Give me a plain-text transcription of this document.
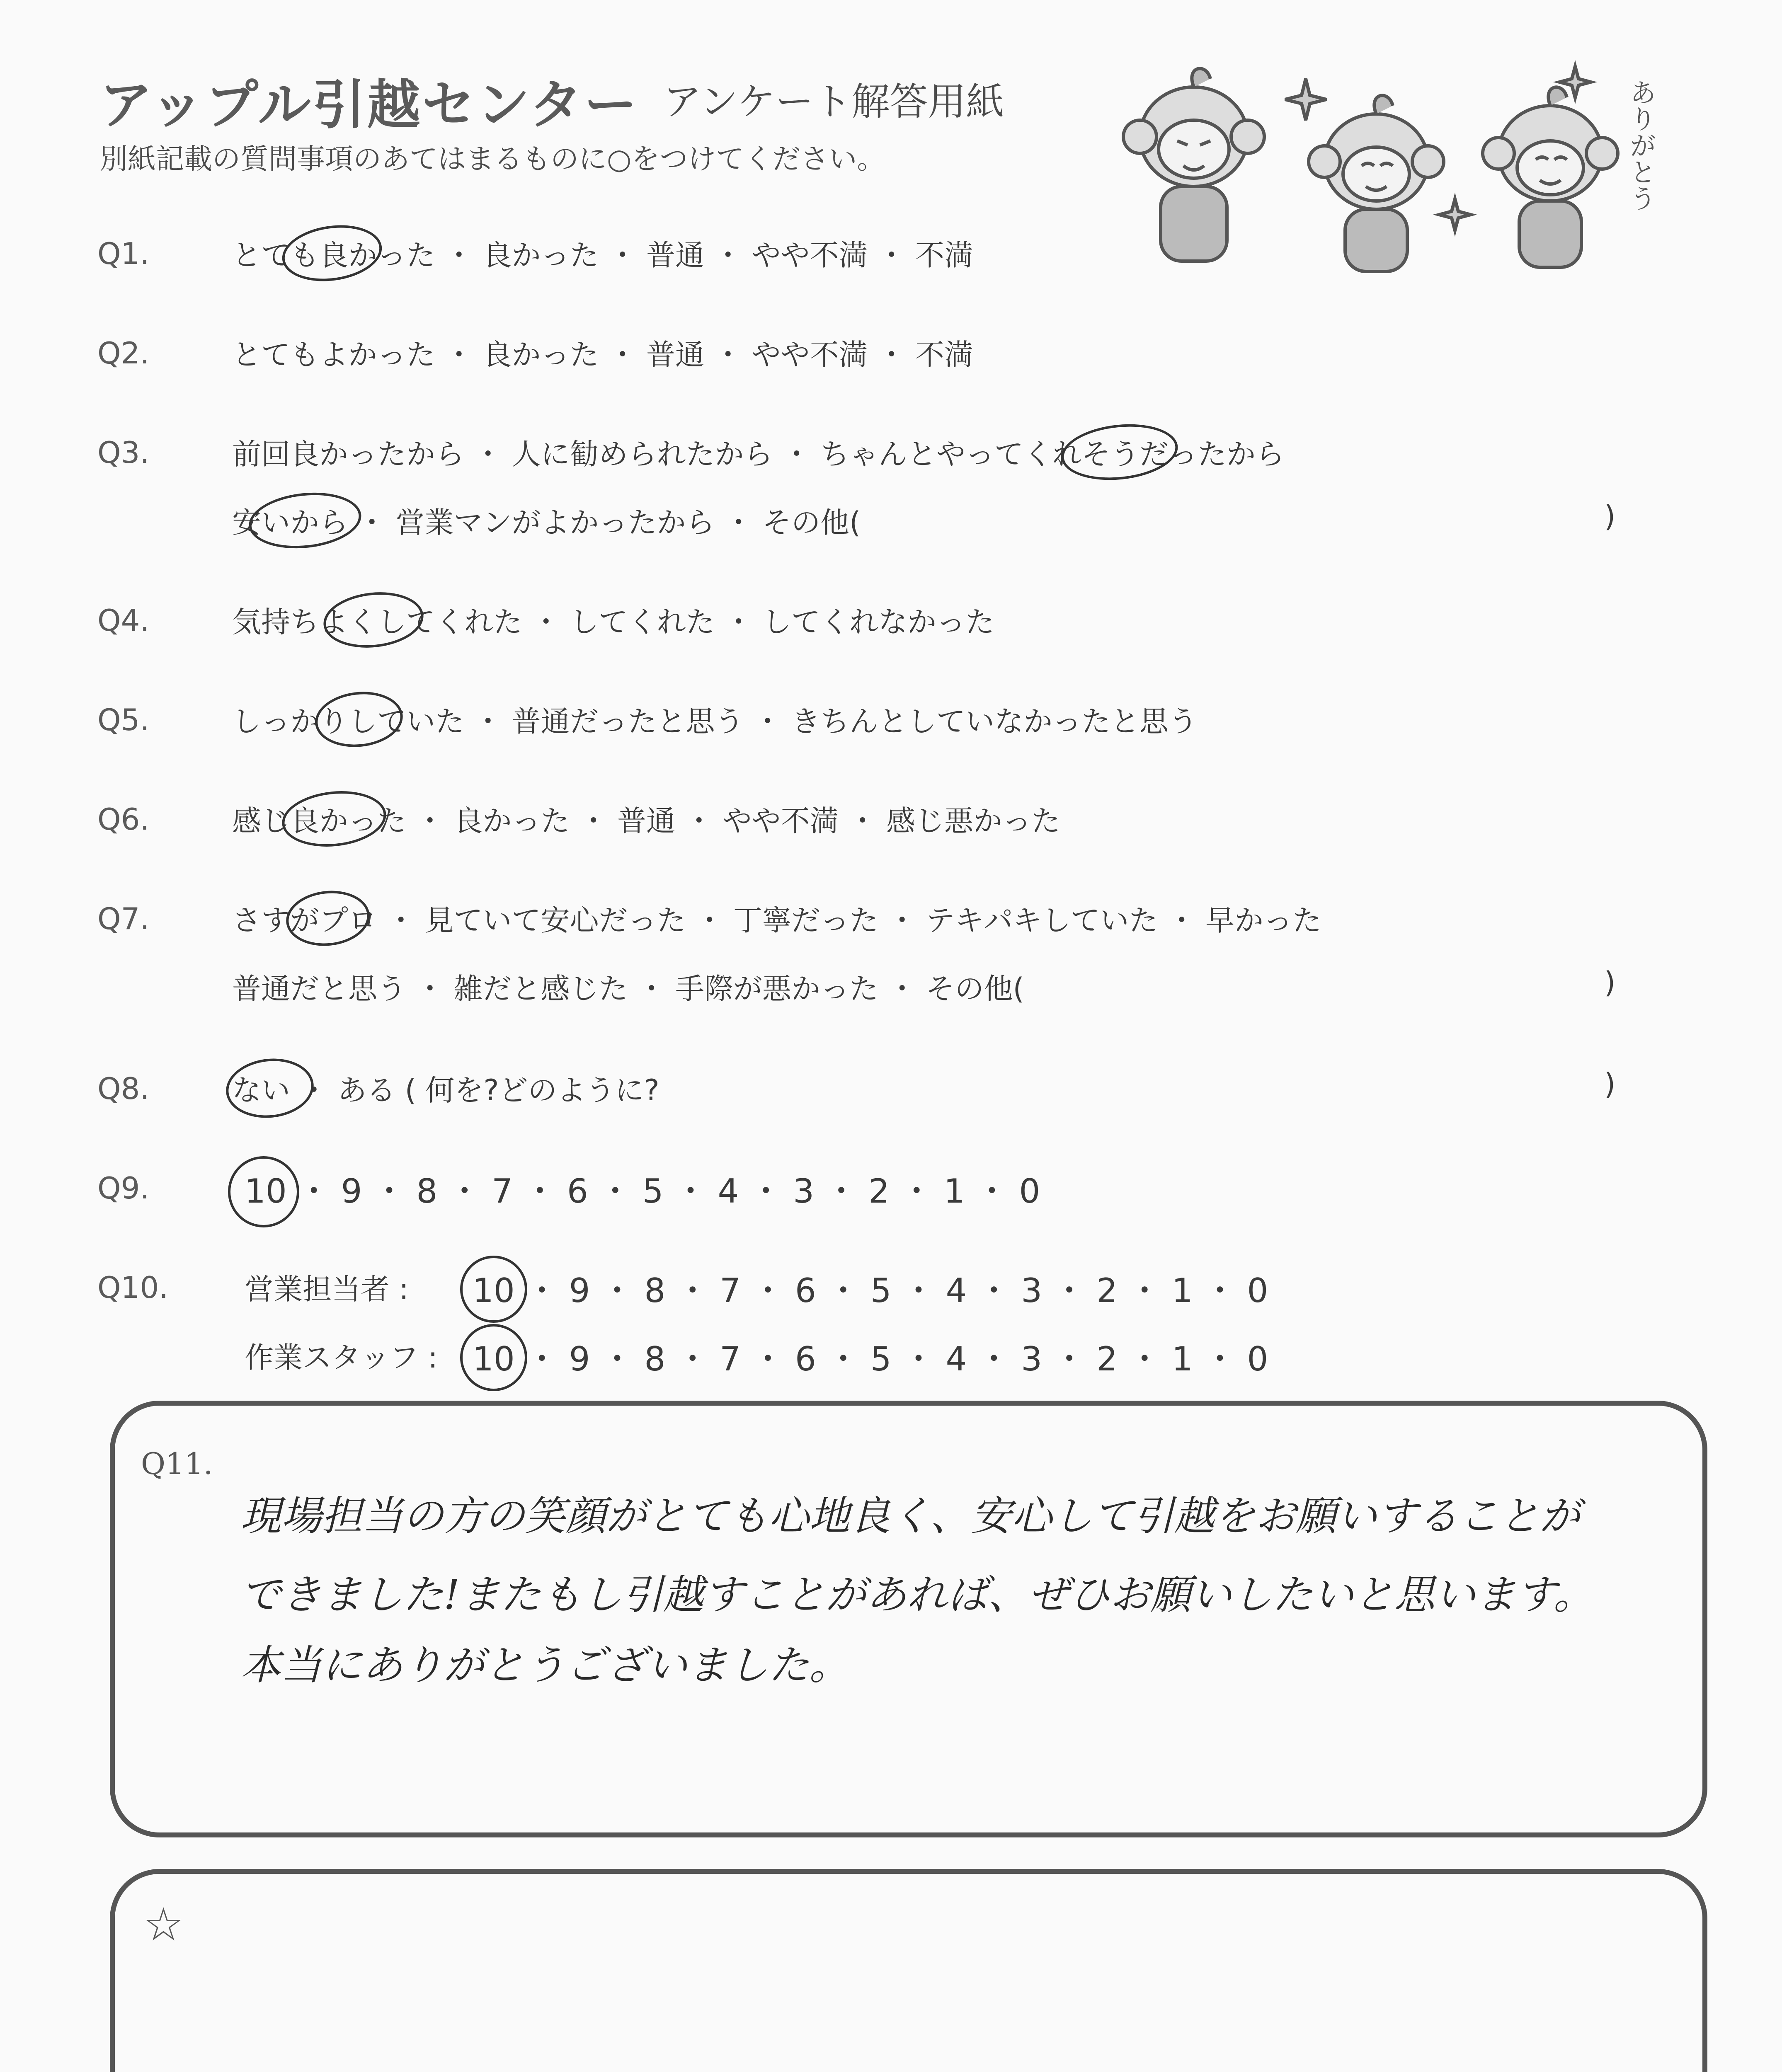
アップル引越センター アンケート解答用紙
別紙記載の質問事項のあてはまるものに○をつけてください。	ありがとう
Q1.	とても良かった ・ 良かった ・ 普通 ・ やや不満 ・ 不満
Q2.	とてもよかった ・ 良かった ・ 普通 ・ やや不満 ・ 不満
Q3.	前回良かったから ・ 人に勧められたから ・ ちゃんとやってくれそうだったから
安いから ・ 営業マンがよかったから ・ その他(	)
Q4.	気持ちよくしてくれた ・ してくれた ・ してくれなかった
Q5.	しっかりしていた ・ 普通だったと思う ・ きちんとしていなかったと思う
Q6.	感じ良かった ・ 良かった ・ 普通 ・ やや不満 ・ 感じ悪かった
Q7.	さすがプロ ・ 見ていて安心だった ・ 丁寧だった ・ テキパキしていた ・ 早かった
普通だと思う ・ 雑だと感じた ・ 手際が悪かった ・ その他(	)
Q8.	ない ・ ある ( 何を?どのように?	)
Q9.	10 ・ 9 ・ 8 ・ 7 ・ 6 ・ 5 ・ 4 ・ 3 ・ 2 ・ 1 ・ 0
Q10.	営業担当者 : 10 ・ 9 ・ 8 ・ 7 ・ 6 ・ 5 ・ 4 ・ 3 ・ 2 ・ 1 ・ 0
作業スタッフ : 10 ・ 9 ・ 8 ・ 7 ・ 6 ・ 5 ・ 4 ・ 3 ・ 2 ・ 1 ・ 0
Q11.
現場担当の方の笑顔がとても心地良く、安心して引越をお願いすることが
できました!またもし引越すことがあれば、ぜひお願いしたいと思います。
本当にありがとうございました。
☆
